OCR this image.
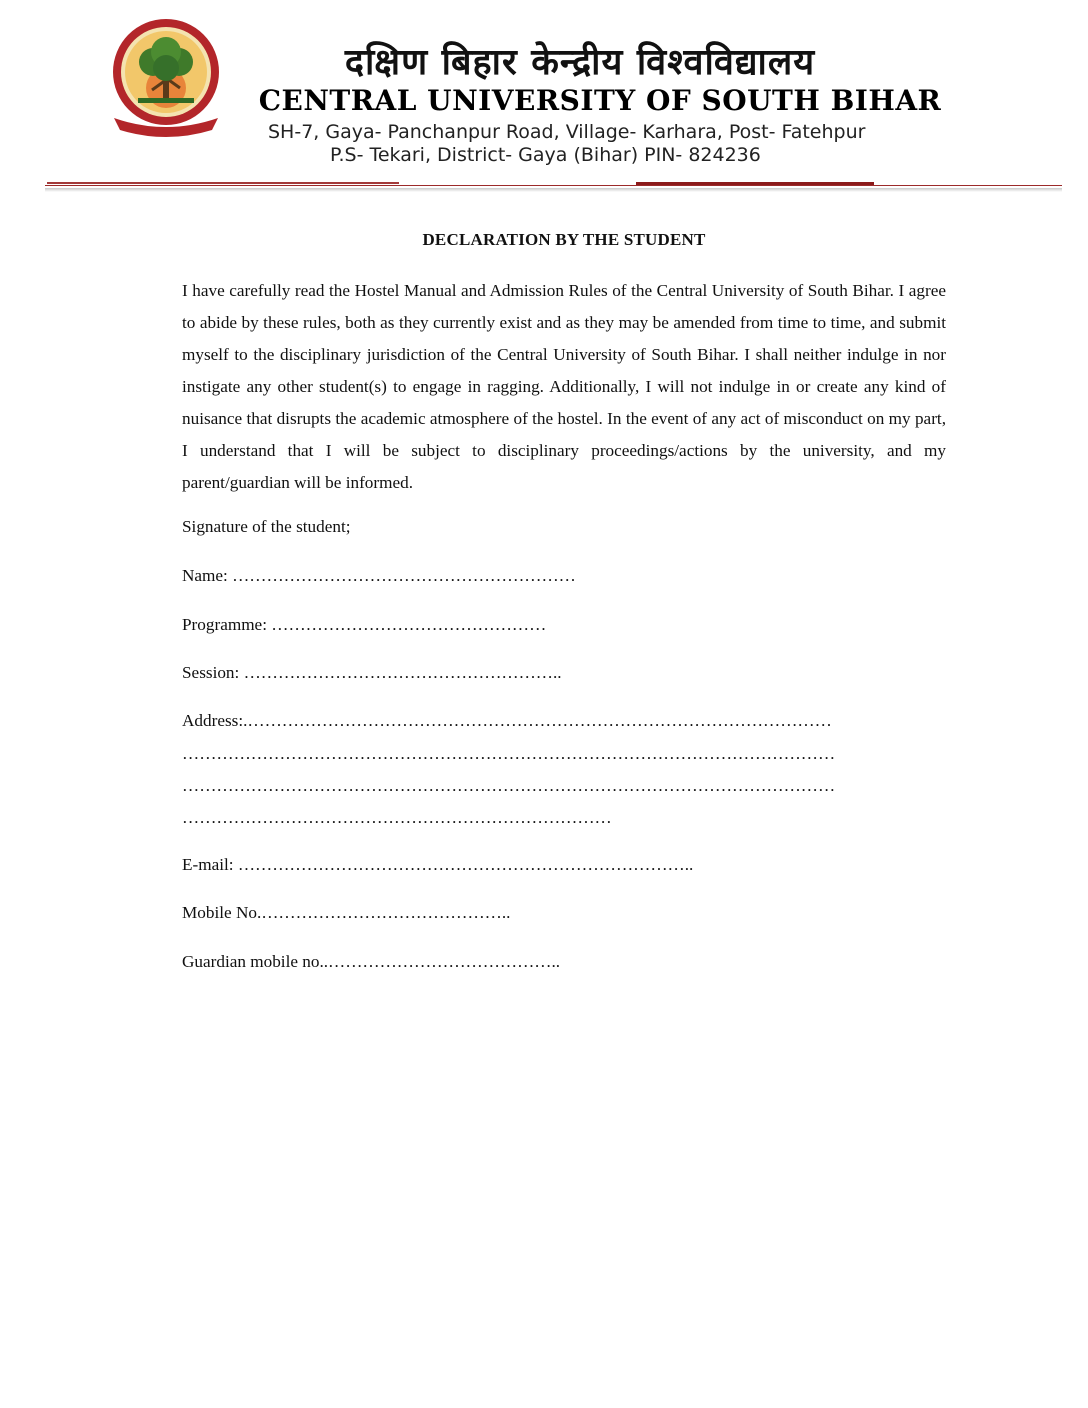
दक्षिण बिहार केन्द्रीय विश्वविद्यालय
CENTRAL UNIVERSITY OF SOUTH BIHAR
SH-7, Gaya- Panchanpur Road, Village- Karhara, Post- Fatehpur
P.S- Tekari, District- Gaya (Bihar) PIN- 824236
DECLARATION BY THE STUDENT
I have carefully read the Hostel Manual and Admission Rules of the Central University of South Bihar. I agree to abide by these rules, both as they currently exist and as they may be amended from time to time, and submit myself to the disciplinary jurisdiction of the Central University of South Bihar. I shall neither indulge in nor instigate any other student(s) to engage in ragging. Additionally, I will not indulge in or create any kind of nuisance that disrupts the academic atmosphere of the hostel. In the event of any act of misconduct on my part, I understand that I will be subject to disciplinary proceedings/actions by the university, and my parent/guardian will be informed.
Signature of the student;
Name: ……………………………………………………
Programme: …………………………………………
Session: ………………………………………………..
Address:.…………………………………………………………………………………………
……………………………………………………………………………………………………
……………………………………………………………………………………………………
…………………………………………………………………
E-mail: ……………………………………………………………………..
Mobile No.……………………………………..
Guardian mobile no..…………………………………..
